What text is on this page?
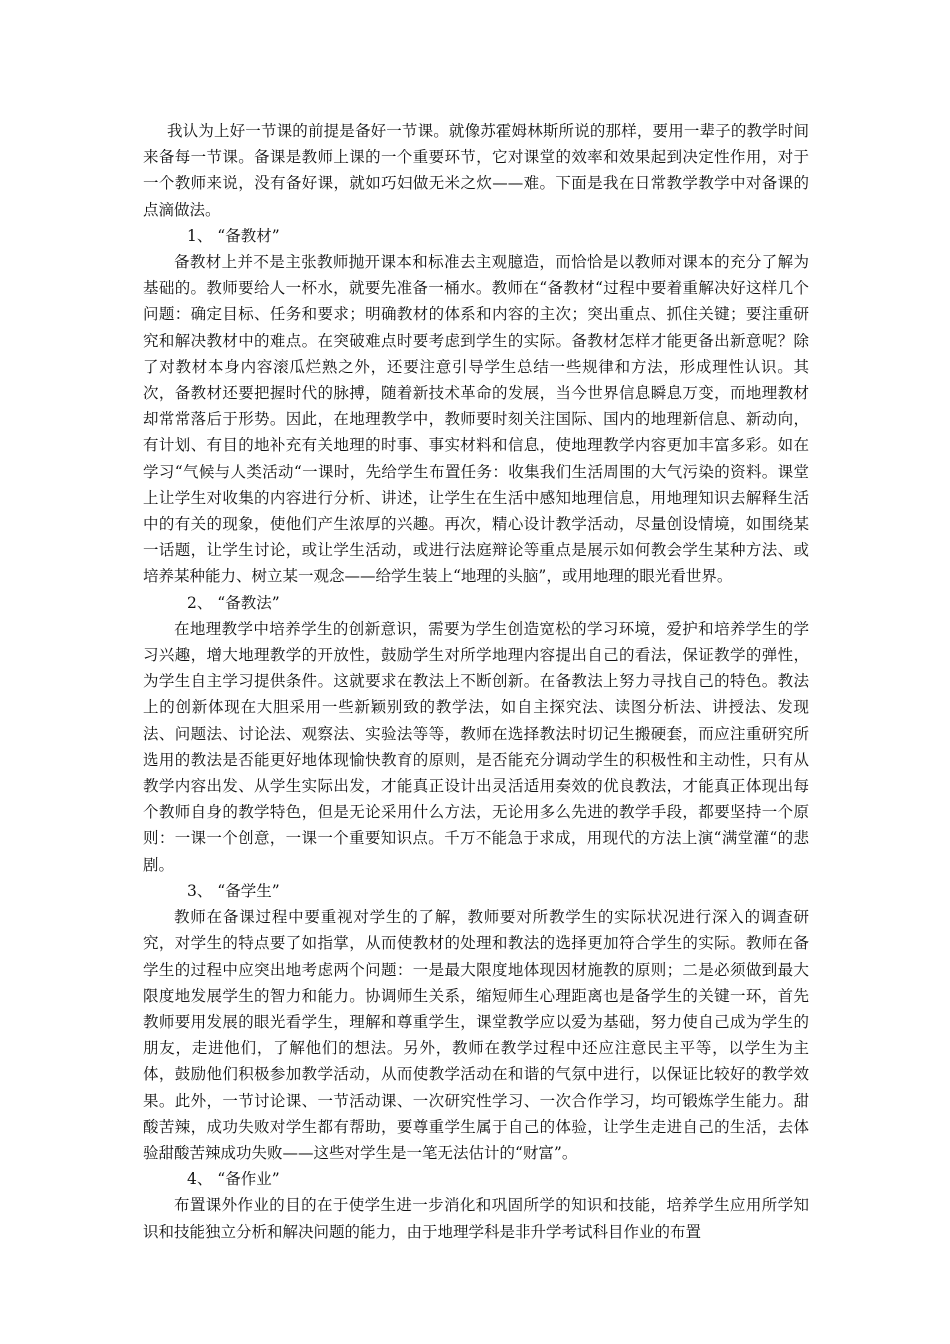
我认为上好一节课的前提是备好一节课。就像苏霍姆林斯所说的那样，要用一辈子的教学时间来备每一节课。备课是教师上课的一个重要环节，它对课堂的效率和效果起到决定性作用，对于一个教师来说，没有备好课，就如巧妇做无米之炊——难。下面是我在日常教学教学中对备课的点滴做法。

1、 “备教材”

备教材上并不是主张教师抛开课本和标准去主观臆造，而恰恰是以教师对课本的充分了解为基础的。教师要给人一杯水，就要先准备一桶水。教师在“备教材“过程中要着重解决好这样几个问题：确定目标、任务和要求；明确教材的体系和内容的主次；突出重点、抓住关键；要注重研究和解决教材中的难点。在突破难点时要考虑到学生的实际。备教材怎样才能更备出新意呢？除了对教材本身内容滚瓜烂熟之外，还要注意引导学生总结一些规律和方法，形成理性认识。其次，备教材还要把握时代的脉搏，随着新技术革命的发展，当今世界信息瞬息万变，而地理教材却常常落后于形势。因此，在地理教学中，教师要时刻关注国际、国内的地理新信息、新动向，有计划、有目的地补充有关地理的时事、事实材料和信息，使地理教学内容更加丰富多彩。如在学习“气候与人类活动“一课时，先给学生布置任务：收集我们生活周围的大气污染的资料。课堂上让学生对收集的内容进行分析、讲述，让学生在生活中感知地理信息，用地理知识去解释生活中的有关的现象，使他们产生浓厚的兴趣。再次，精心设计教学活动，尽量创设情境，如围绕某一话题，让学生讨论，或让学生活动，或进行法庭辩论等重点是展示如何教会学生某种方法、或培养某种能力、树立某一观念——给学生装上“地理的头脑”，或用地理的眼光看世界。

2、 “备教法”

在地理教学中培养学生的创新意识，需要为学生创造宽松的学习环境，爱护和培养学生的学习兴趣，增大地理教学的开放性，鼓励学生对所学地理内容提出自己的看法，保证教学的弹性，为学生自主学习提供条件。这就要求在教法上不断创新。在备教法上努力寻找自己的特色。教法上的创新体现在大胆采用一些新颖别致的教学法，如自主探究法、读图分析法、讲授法、发现法、问题法、讨论法、观察法、实验法等等，教师在选择教法时切记生搬硬套，而应注重研究所选用的教法是否能更好地体现愉快教育的原则，是否能充分调动学生的积极性和主动性，只有从教学内容出发、从学生实际出发，才能真正设计出灵活适用奏效的优良教法，才能真正体现出每个教师自身的教学特色，但是无论采用什么方法，无论用多么先进的教学手段，都要坚持一个原则：一课一个创意，一课一个重要知识点。千万不能急于求成，用现代的方法上演“满堂灌“的悲剧。

3、 “备学生”

教师在备课过程中要重视对学生的了解，教师要对所教学生的实际状况进行深入的调查研究，对学生的特点要了如指掌，从而使教材的处理和教法的选择更加符合学生的实际。教师在备学生的过程中应突出地考虑两个问题：一是最大限度地体现因材施教的原则；二是必须做到最大限度地发展学生的智力和能力。协调师生关系，缩短师生心理距离也是备学生的关键一环，首先教师要用发展的眼光看学生，理解和尊重学生，课堂教学应以爱为基础，努力使自己成为学生的朋友，走进他们，了解他们的想法。另外，教师在教学过程中还应注意民主平等，以学生为主体，鼓励他们积极参加教学活动，从而使教学活动在和谐的气氛中进行，以保证比较好的教学效果。此外，一节讨论课、一节活动课、一次研究性学习、一次合作学习，均可锻炼学生能力。甜酸苦辣，成功失败对学生都有帮助，要尊重学生属于自己的体验，让学生走进自己的生活，去体验甜酸苦辣成功失败——这些对学生是一笔无法估计的“财富”。

4、 “备作业”

布置课外作业的目的在于使学生进一步消化和巩固所学的知识和技能，培养学生应用所学知识和技能独立分析和解决问题的能力，由于地理学科是非升学考试科目作业的布置
